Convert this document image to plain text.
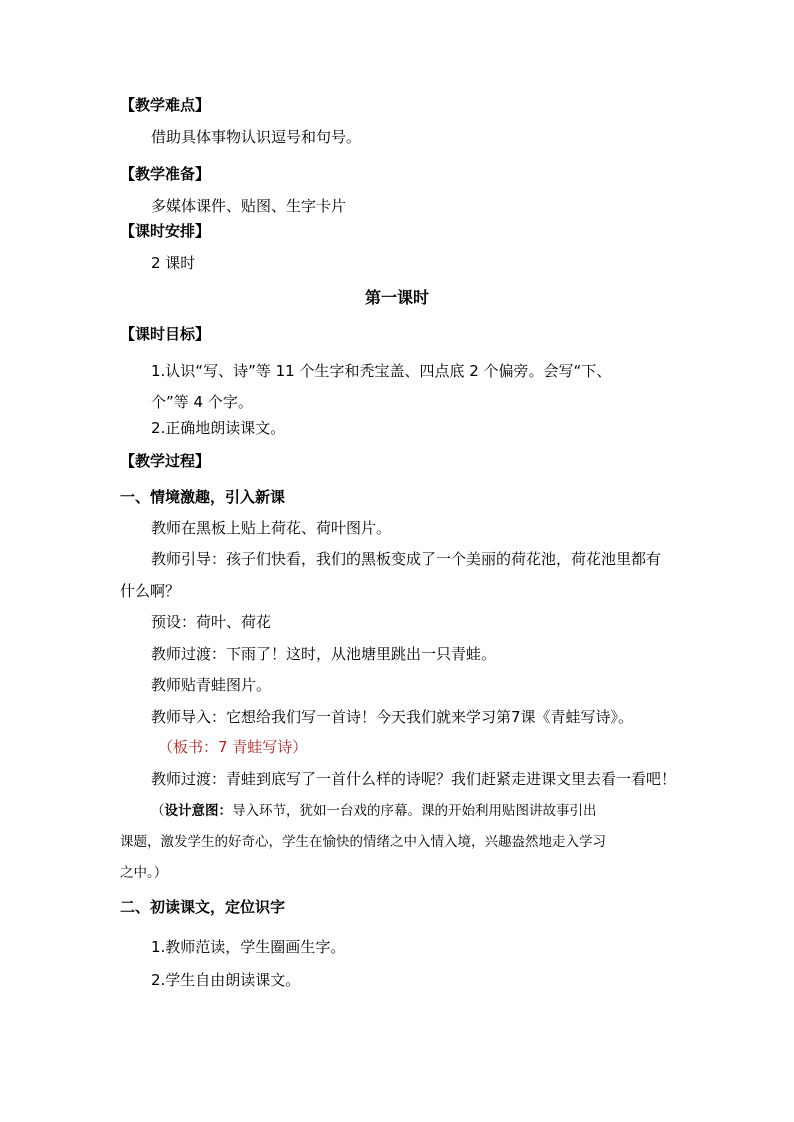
【教学难点】
借助具体事物认识逗号和句号。
【教学准备】
多媒体课件、贴图、生字卡片
【课时安排】
2 课时
第一课时
【课时目标】
1.认识“写、诗”等 11 个生字和秃宝盖、四点底 2 个偏旁。会写“下、
个”等 4 个字。
2.正确地朗读课文。
【教学过程】
一、情境激趣，引入新课
教师在黑板上贴上荷花、荷叶图片。
教师引导：孩子们快看，我们的黑板变成了一个美丽的荷花池，荷花池里都有
什么啊？
预设：荷叶、荷花
教师过渡：下雨了！这时，从池塘里跳出一只青蛙。
教师贴青蛙图片。
教师导入：它想给我们写一首诗！今天我们就来学习第7课《青蛙写诗》。
（板书：7 青蛙写诗）
教师过渡：青蛙到底写了一首什么样的诗呢？我们赶紧走进课文里去看一看吧！
（设计意图：导入环节，犹如一台戏的序幕。课的开始利用贴图讲故事引出
课题，激发学生的好奇心，学生在愉快的情绪之中入情入境，兴趣盎然地走入学习
之中。）
二、初读课文，定位识字
1.教师范读，学生圈画生字。
2.学生自由朗读课文。
